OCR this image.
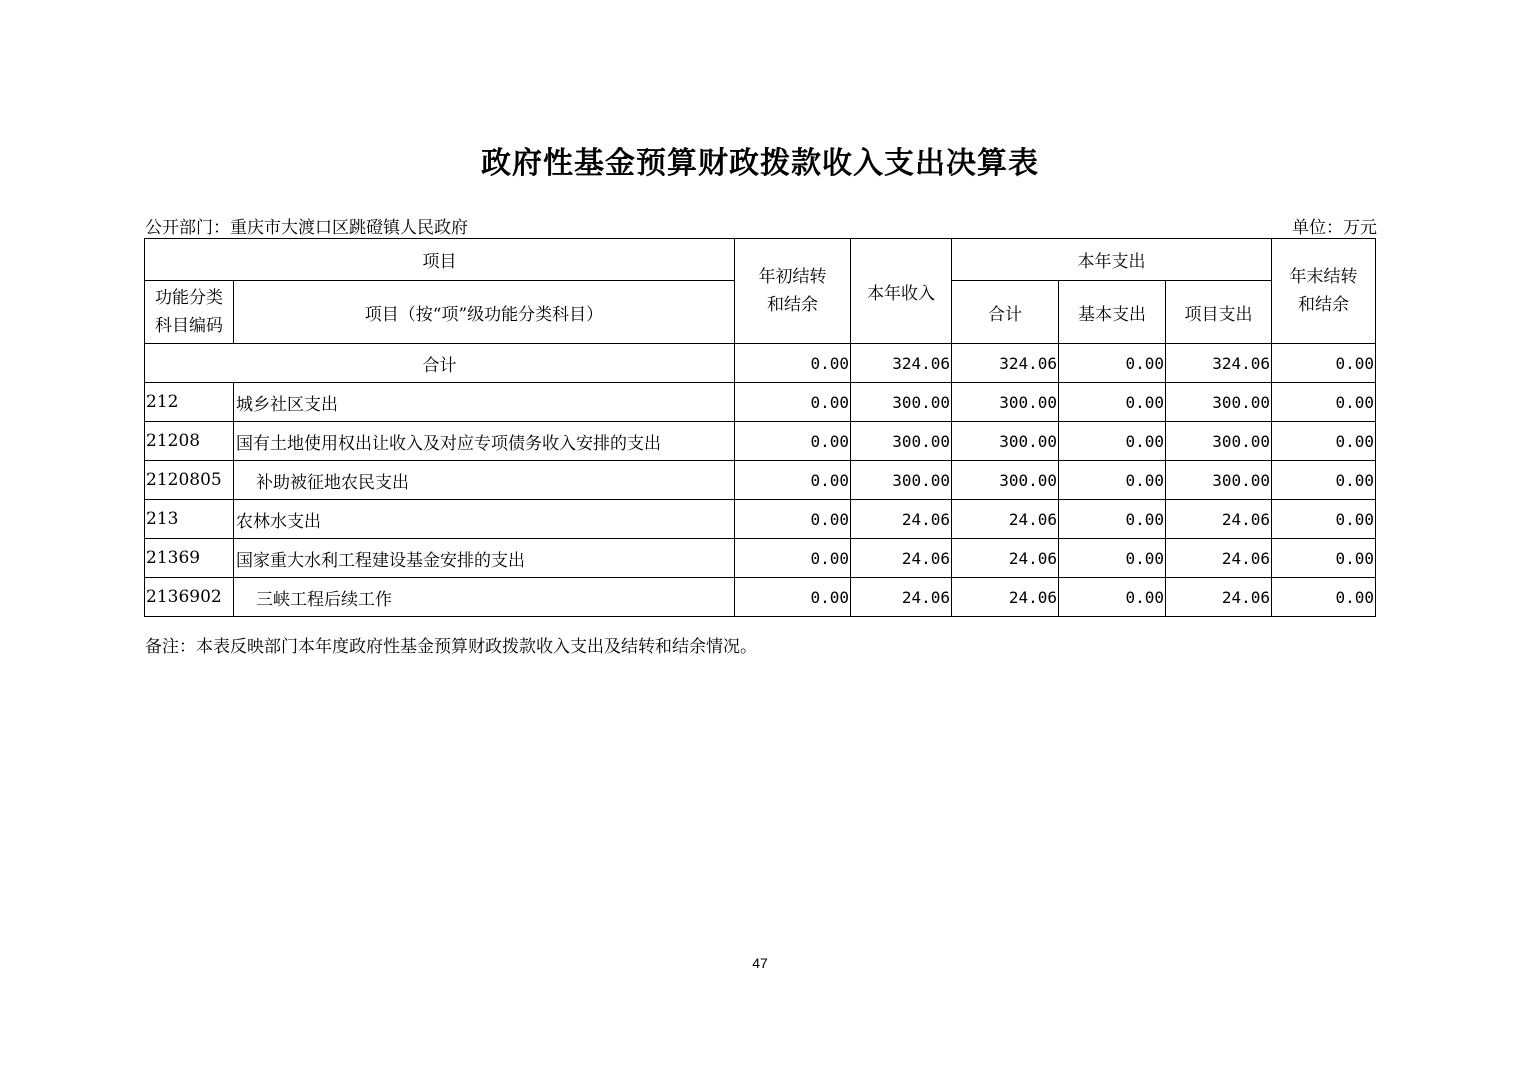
政府性基金预算财政拨款收入支出决算表
公开部门：重庆市大渡口区跳磴镇人民政府	单位：万元
项目		年初结转
和结余	本年收入	本年支出			年末结转
和结余
功能分类
科目编码	项目（按“项”级功能分类科目）			合计	基本支出	项目支出	
合计		0.00	324.06	324.06	0.00	324.06	0.00
212	城乡社区支出	0.00	300.00	300.00	0.00	300.00	0.00
21208	国有土地使用权出让收入及对应专项债务收入安排的支出	0.00	300.00	300.00	0.00	300.00	0.00
2120805	补助被征地农民支出	0.00	300.00	300.00	0.00	300.00	0.00
213	农林水支出	0.00	24.06	24.06	0.00	24.06	0.00
21369	国家重大水利工程建设基金安排的支出	0.00	24.06	24.06	0.00	24.06	0.00
2136902	三峡工程后续工作	0.00	24.06	24.06	0.00	24.06	0.00
备注：本表反映部门本年度政府性基金预算财政拨款收入支出及结转和结余情况。
47
